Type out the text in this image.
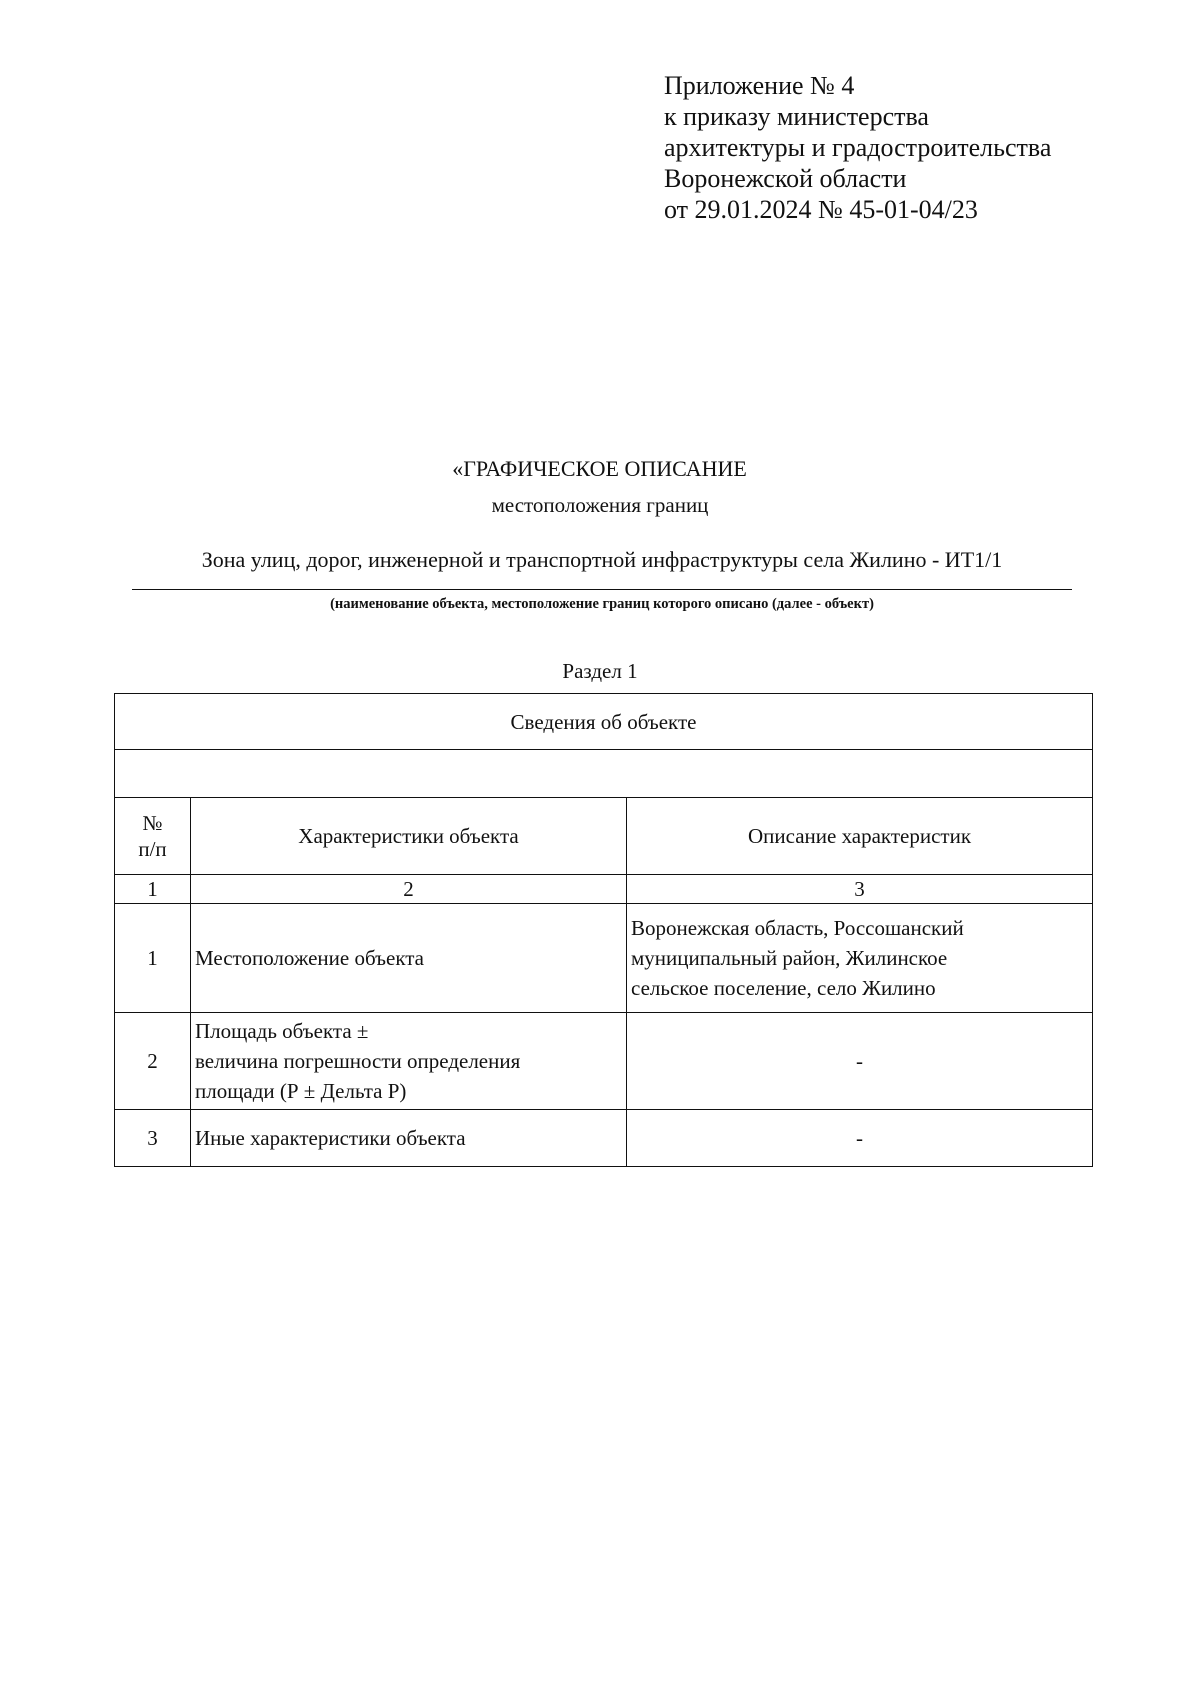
Приложение № 4
к приказу министерства
архитектуры и градостроительства
Воронежской области
от 29.01.2024 № 45-01-04/23
«ГРАФИЧЕСКОЕ ОПИСАНИЕ
местоположения границ
Зона улиц, дорог, инженерной и транспортной инфраструктуры села Жилино - ИТ1/1
(наименование объекта, местоположение границ которого описано (далее - объект)
Раздел 1
Сведения об объекте		

№
п/п	Характеристики объекта	Описание характеристик
1	2	3
1	Местоположение объекта	Воронежская область, Россошанский
муниципальный район, Жилинское
сельское поселение, село Жилино

2	Площадь объекта ±
величина погрешности определения
площади (Р ± Дельта Р)	-
3	Иные характеристики объекта	-
